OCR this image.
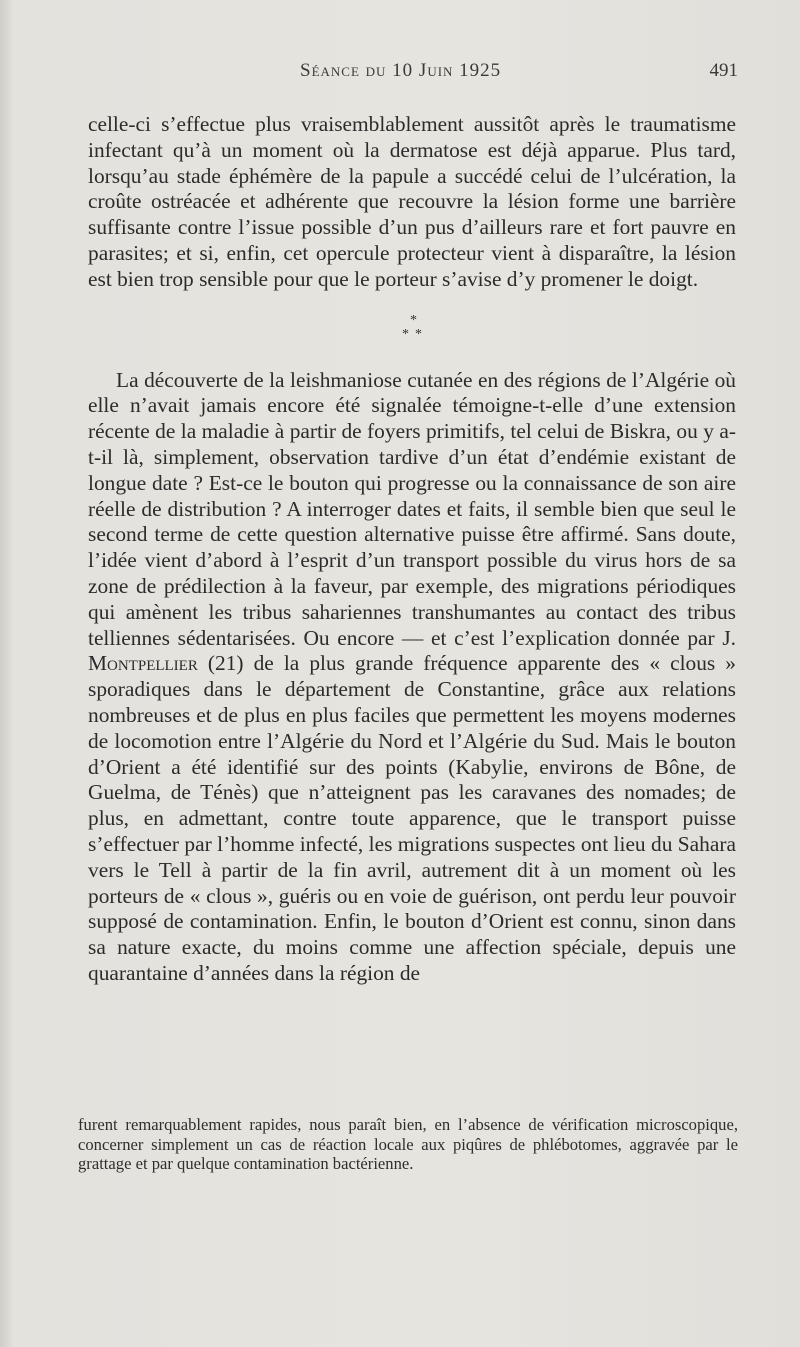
Séance du 10 Juin 1925	491

celle-ci s’effectue plus vraisemblablement aussitôt après le traumatisme infectant qu’à un moment où la dermatose est déjà apparue. Plus tard, lorsqu’au stade éphémère de la papule a succédé celui de l’ulcération, la croûte ostréacée et adhérente que recouvre la lésion forme une barrière suffisante contre l’issue possible d’un pus d’ailleurs rare et fort pauvre en parasites; et si, enfin, cet opercule protecteur vient à disparaître, la lésion est bien trop sensible pour que le porteur s’avise d’y promener le doigt.

*
**

La découverte de la leishmaniose cutanée en des régions de l’Algérie où elle n’avait jamais encore été signalée témoigne-t-elle d’une extension récente de la maladie à partir de foyers primitifs, tel celui de Biskra, ou y a-t-il là, simplement, observation tardive d’un état d’endémie existant de longue date ? Est-ce le bouton qui progresse ou la connaissance de son aire réelle de distribution ? A interroger dates et faits, il semble bien que seul le second terme de cette question alternative puisse être affirmé. Sans doute, l’idée vient d’abord à l’esprit d’un transport possible du virus hors de sa zone de prédilection à la faveur, par exemple, des migrations périodiques qui amènent les tribus sahariennes transhumantes au contact des tribus telliennes sédentarisées. Ou encore — et c’est l’explication donnée par J. Montpellier (21) de la plus grande fréquence apparente des « clous » sporadiques dans le département de Constantine, grâce aux relations nombreuses et de plus en plus faciles que permettent les moyens modernes de locomotion entre l’Algérie du Nord et l’Algérie du Sud. Mais le bouton d’Orient a été identifié sur des points (Kabylie, environs de Bône, de Guelma, de Ténès) que n’atteignent pas les caravanes des nomades; de plus, en admettant, contre toute apparence, que le transport puisse s’effectuer par l’homme infecté, les migrations suspectes ont lieu du Sahara vers le Tell à partir de la fin avril, autrement dit à un moment où les porteurs de « clous », guéris ou en voie de guérison, ont perdu leur pouvoir supposé de contamination. Enfin, le bouton d’Orient est connu, sinon dans sa nature exacte, du moins comme une affection spéciale, depuis une quarantaine d’années dans la région de

furent remarquablement rapides, nous paraît bien, en l’absence de vérification microscopique, concerner simplement un cas de réaction locale aux piqûres de phlébotomes, aggravée par le grattage et par quelque contamination bactérienne.
